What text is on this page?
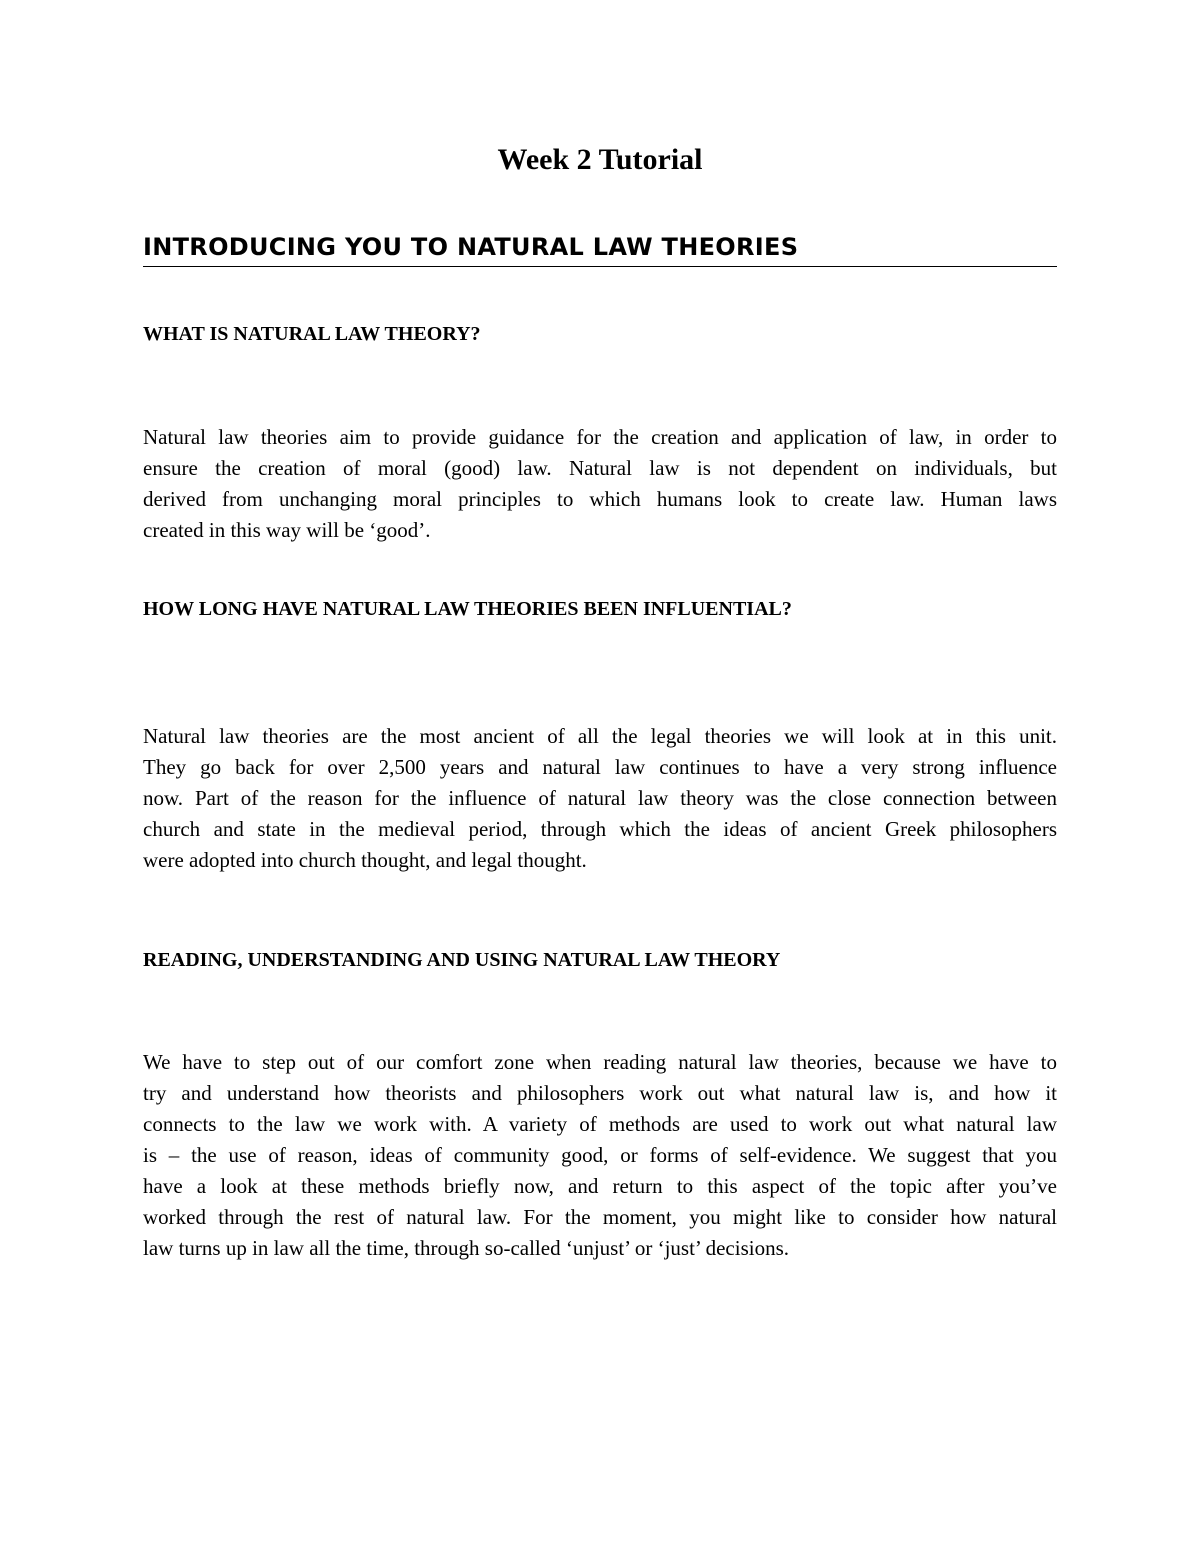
Week 2 Tutorial
INTRODUCING YOU TO NATURAL LAW THEORIES
WHAT IS NATURAL LAW THEORY?

Natural law theories aim to provide guidance for the creation and application of law, in order to
ensure the creation of moral (good) law. Natural law is not dependent on individuals, but
derived from unchanging moral principles to which humans look to create law. Human laws
created in this way will be ‘good’.

HOW LONG HAVE NATURAL LAW THEORIES BEEN INFLUENTIAL?

Natural law theories are the most ancient of all the legal theories we will look at in this unit.
They go back for over 2,500 years and natural law continues to have a very strong influence
now. Part of the reason for the influence of natural law theory was the close connection between
church and state in the medieval period, through which the ideas of ancient Greek philosophers
were adopted into church thought, and legal thought.

READING, UNDERSTANDING AND USING NATURAL LAW THEORY

We have to step out of our comfort zone when reading natural law theories, because we have to
try and understand how theorists and philosophers work out what natural law is, and how it
connects to the law we work with. A variety of methods are used to work out what natural law
is – the use of reason, ideas of community good, or forms of self-evidence. We suggest that you
have a look at these methods briefly now, and return to this aspect of the topic after you’ve
worked through the rest of natural law. For the moment, you might like to consider how natural
law turns up in law all the time, through so-called ‘unjust’ or ‘just’ decisions.
